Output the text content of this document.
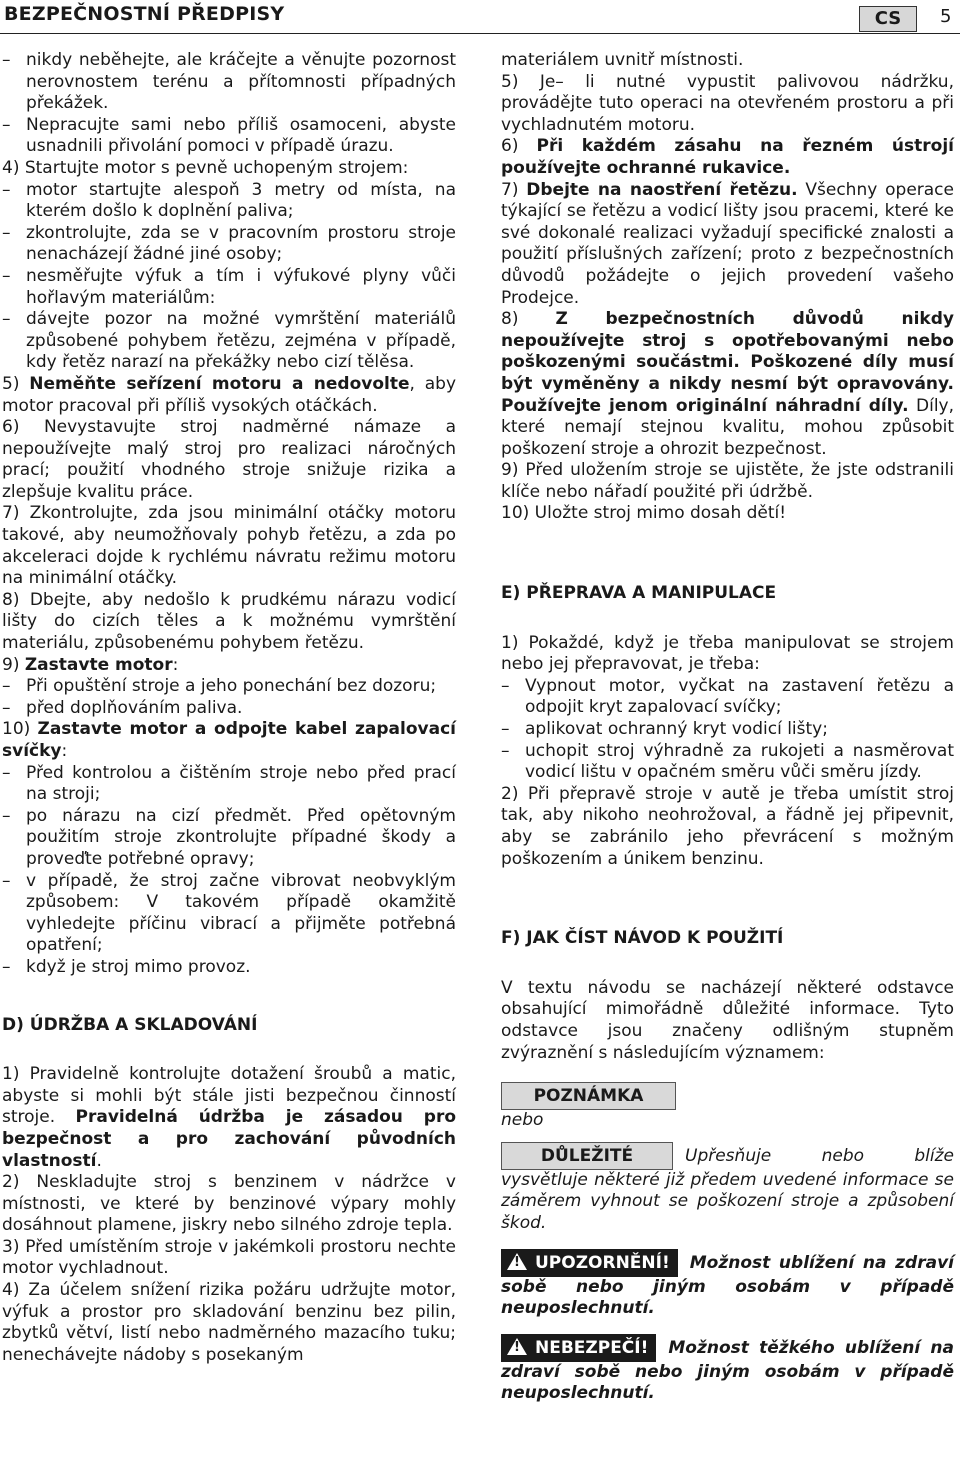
BEZPEČNOSTNÍ PŘEDPISY	CS	5
– nikdy neběhejte, ale kráčejte a věnujte pozornost nerovnostem terénu a přítomnosti případných překážek.
– Nepracujte sami nebo příliš osamoceni, abyste usnadnili přivolání pomoci v případě úrazu.

4) Startujte motor s pevně uchopeným strojem:

– motor startujte alespoň 3 metry od místa, na kterém došlo k doplnění paliva;
– zkontrolujte, zda se v pracovním prostoru stroje nenacházejí žádné jiné osoby;
– nesměřujte výfuk a tím i výfukové plyny vůči hořlavým materiálům:
– dávejte pozor na možné vymrštění materiálů způsobené pohybem řetězu, zejména v případě, kdy řetěz narazí na překážky nebo cizí tělěsa.

5) Neměňte seřízení motoru a nedovolte, aby motor pracoval při příliš vysokých otáčkách.

6) Nevystavujte stroj nadměrné námaze a nepoužívejte malý stroj pro realizaci náročných prací; použití vhodného stroje snižuje rizika a zlepšuje kvalitu práce.

7) Zkontrolujte, zda jsou minimální otáčky motoru takové, aby neumožňovaly pohyb řetězu, a zda po akceleraci dojde k rychlému návratu režimu motoru na minimální otáčky.

8) Dbejte, aby nedošlo k prudkému nárazu vodicí lišty do cizích těles a k možnému vymrštění materiálu, způsobenému pohybem řetězu.

9) Zastavte motor:

– Při opuštění stroje a jeho ponechání bez dozoru;
– před doplňováním paliva.

10) Zastavte motor a odpojte kabel zapalovací svíčky:

– Před kontrolou a čištěním stroje nebo před prací na stroji;
– po nárazu na cizí předmět. Před opětovným použitím stroje zkontrolujte případné škody a proveďte potřebné opravy;
– v případě, že stroj začne vibrovat neobvyklým způsobem: V takovém případě okamžitě vyhledejte příčinu vibrací a přijměte potřebná opatření;
– když je stroj mimo provoz.
D) ÚDRŽBA A SKLADOVÁNÍ

1) Pravidelně kontrolujte dotažení šroubů a matic, abyste si mohli být stále jisti bezpečnou činností stroje. Pravidelná údržba je zásadou pro bezpečnost a pro zachování původních vlastností.

2) Neskladujte stroj s benzinem v nádržce v místnosti, ve které by benzinové výpary mohly dosáhnout plamene, jiskry nebo silného zdroje tepla.

3) Před umístěním stroje v jakémkoli prostoru nechte motor vychladnout.

4) Za účelem snížení rizika požáru udržujte motor, výfuk a prostor pro skladování benzinu bez pilin, zbytků větví, listí nebo nadměrného mazacího tuku; nenechávejte nádoby s posekaným

materiálem uvnitř místnosti.

5) Je– li nutné vypustit palivovou nádržku, provádějte tuto operaci na otevřeném prostoru a při vychladnutém motoru.

6) Při každém zásahu na řezném ústrojí používejte ochranné rukavice.

7) Dbejte na naostření řetězu. Všechny operace týkající se řetězu a vodicí lišty jsou pracemi, které ke své dokonalé realizaci vyžadují specifické znalosti a použití příslušných zařízení; proto z bezpečnostních důvodů požádejte o jejich provedení vašeho Prodejce.

8) Z bezpečnostních důvodů nikdy nepoužívejte stroj s opotřebovanými nebo poškozenými součástmi. Poškozené díly musí být vyměněny a nikdy nesmí být opravovány. Používejte jenom originální náhradní díly. Díly, které nemají stejnou kvalitu, mohou způsobit poškození stroje a ohrozit bezpečnost.

9) Před uložením stroje se ujistěte, že jste odstranili klíče nebo nářadí použité při údržbě.

10) Uložte stroj mimo dosah dětí!

E) PŘEPRAVA A MANIPULACE

1) Pokaždé, když je třeba manipulovat se strojem nebo jej přepravovat, je třeba:

– Vypnout motor, vyčkat na zastavení řetězu a odpojit kryt zapalovací svíčky;
– aplikovat ochranný kryt vodicí lišty;
– uchopit stroj výhradně za rukojeti a nasměrovat vodicí lištu v opačném směru vůči směru jízdy.

2) Při přepravě stroje v autě je třeba umístit stroj tak, aby nikoho neohrožoval, a řádně jej připevnit, aby se zabránilo jeho převrácení s možným poškozením a únikem benzinu.

F) JAK ČÍST NÁVOD K POUŽITÍ

V textu návodu se nacházejí některé odstavce obsahující mimořádně důležité informace. Tyto odstavce jsou značeny odlišným stupněm zvýraznění s následujícím významem:

POZNÁMKA

nebo

DŮLEŽITÉ	Upřesňuje nebo blíže vysvětluje některé již předem uvedené informace se záměrem vyhnout se poškození stroje a způsobení škod.

! UPOZORNĚNÍ! Možnost ublížení na zdraví sobě nebo jiným osobám v případě neuposlechnutí.

! NEBEZPEČÍ! Možnost těžkého ublížení na zdraví sobě nebo jiným osobám v případě neuposlechnutí.
